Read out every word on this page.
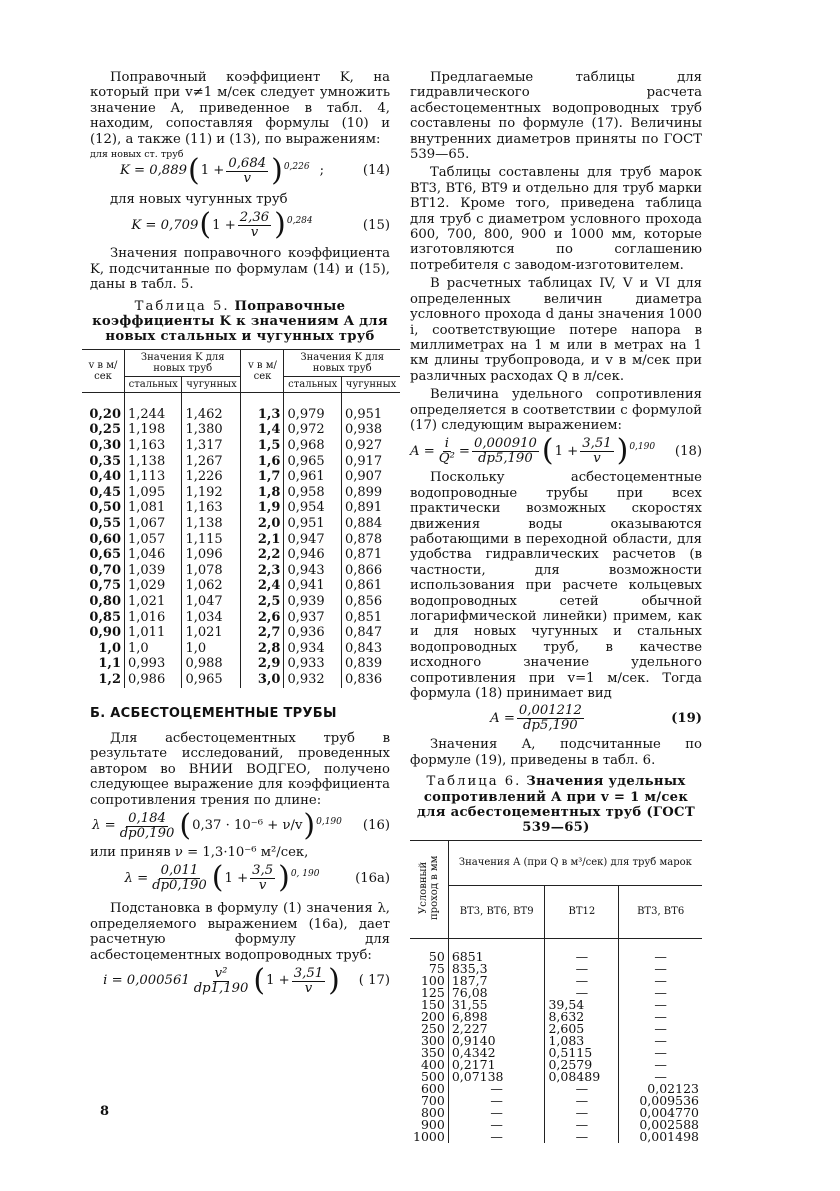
Поправочный коэффициент K, на который при v≠1 м/сек следует умножить значение A, приведенное в табл. 4, находим, сопоставляя формулы (10) и (12), а также (11) и (13), по выражениям:

для новых ст. труб
K = 0,889 ( $1 + \frac{0,684}{v} )^{0,226}$ ;	(14)

для новых чугунных труб

K = 0,709 ( $1 + \frac{2,36}{v} )^{0,284}$	(15)

Значения поправочного коэффициента K, подсчитанные по формулам (14) и (15), даны в табл. 5.

Таблица 5. Поправочные коэффициенты K к значениям A для новых стальных и чугунных труб
v в м/сек	Значения K для новых труб		v в м/сек	Значения K для новых труб	
	стальных	чугунных		стальных	чугунных

0,20	1,244	1,462	1,3	0,979	0,951
0,25	1,198	1,380	1,4	0,972	0,938
0,30	1,163	1,317	1,5	0,968	0,927
0,35	1,138	1,267	1,6	0,965	0,917
0,40	1,113	1,226	1,7	0,961	0,907
0,45	1,095	1,192	1,8	0,958	0,899
0,50	1,081	1,163	1,9	0,954	0,891
0,55	1,067	1,138	2,0	0,951	0,884
0,60	1,057	1,115	2,1	0,947	0,878
0,65	1,046	1,096	2,2	0,946	0,871
0,70	1,039	1,078	2,3	0,943	0,866
0,75	1,029	1,062	2,4	0,941	0,861
0,80	1,021	1,047	2,5	0,939	0,856
0,85	1,016	1,034	2,6	0,937	0,851
0,90	1,011	1,021	2,7	0,936	0,847
1,0	1,0	1,0	2,8	0,934	0,843
1,1	0,993	0,988	2,9	0,933	0,839
1,2	0,986	0,965	3,0	0,932	0,836
Б. АСБЕСТОЦЕМЕНТНЫЕ ТРУБЫ

Для асбестоцементных труб в результате исследований, проведенных автором во ВНИИ ВОДГЕО, получено следующее выражение для коэффициента сопротивления трения по длине:

$\lambda = \frac{0,184}{dр0,190}$ ( 0,37 · 10⁻⁶ + ν/v )$^{0,190}$	(16)

или приняв ν = 1,3·10⁻⁶ м²/сек,

$\lambda = \frac{0,011}{dр0,190}$ ( $1 + \frac{3,5}{v} )^{0, 190}$	(16а)

Подстановка в формулу (1) значения λ, определяемого выражением (16а), дает расчетную формулу для асбестоцементных водопроводных труб:

$i = 0,000561 \frac{\text{v²}}{dр1,190}$ ( $1 + \frac{3,51}{v}$ )	( 17)

Предлагаемые таблицы для гидравлического расчета асбестоцементных водопроводных труб составлены по формуле (17). Величины внутренних диаметров приняты по ГОСТ 539—65.

Таблицы составлены для труб марок ВТ3, ВТ6, ВТ9 и отдельно для труб марки ВТ12. Кроме того, приведена таблица для труб с диаметром условного прохода 600, 700, 800, 900 и 1000 мм, которые изготовляются по соглашению потребителя с заводом-изготовителем.

В расчетных таблицах IV, V и VI для определенных величин диаметра условного прохода d даны значения 1000 i, соответствующие потере напора в миллиметрах на 1 м или в метрах на 1 км длины трубопровода, и v в м/сек при различных расходах Q в л/сек.

Величина удельного сопротивления определяется в соответствии с формулой (17) следующим выражением:

$A = \frac{i}{\text{Q²}} = \frac{0,000910}{dр5,190}$ ( $1 + \frac{3,51}{v} )^{0,190}$	(18)

Поскольку асбестоцементные водопроводные трубы при всех практически возможных скоростях движения воды оказываются работающими в переходной области, для удобства гидравлических расчетов (в частности, для возможности использования при расчете кольцевых водопроводных сетей обычной логарифмической линейки) примем, как и для новых чугунных и стальных водопроводных труб, в качестве исходного значение удельного сопротивления при v=1 м/сек. Тогда формула (18) принимает вид

$A = \frac{0,001212}{dр5,190}$	(19)

Значения A, подсчитанные по формуле (19), приведены в табл. 6.

Таблица 6. Значения удельных сопротивлений A при v = 1 м/сек для асбестоцементных труб (ГОСТ 539—65)
Условный проход в мм	Значения A (при Q в м³/сек) для труб марок		
	ВТ3, ВТ6, ВТ9	ВТ12	ВТ3, ВТ6

50	6851	—	—
75	835,3	—	—
100	187,7	—	—
125	76,08	—	—
150	31,55	39,54	—
200	6,898	8,632	—
250	2,227	2,605	—
300	0,9140	1,083	—
350	0,4342	0,5115	—
400	0,2171	0,2579	—
500	0,07138	0,08489	—
600	—	—	0,02123
700	—	—	0,009536
800	—	—	0,004770
900	—	—	0,002588
1000	—	—	0,001498
8
